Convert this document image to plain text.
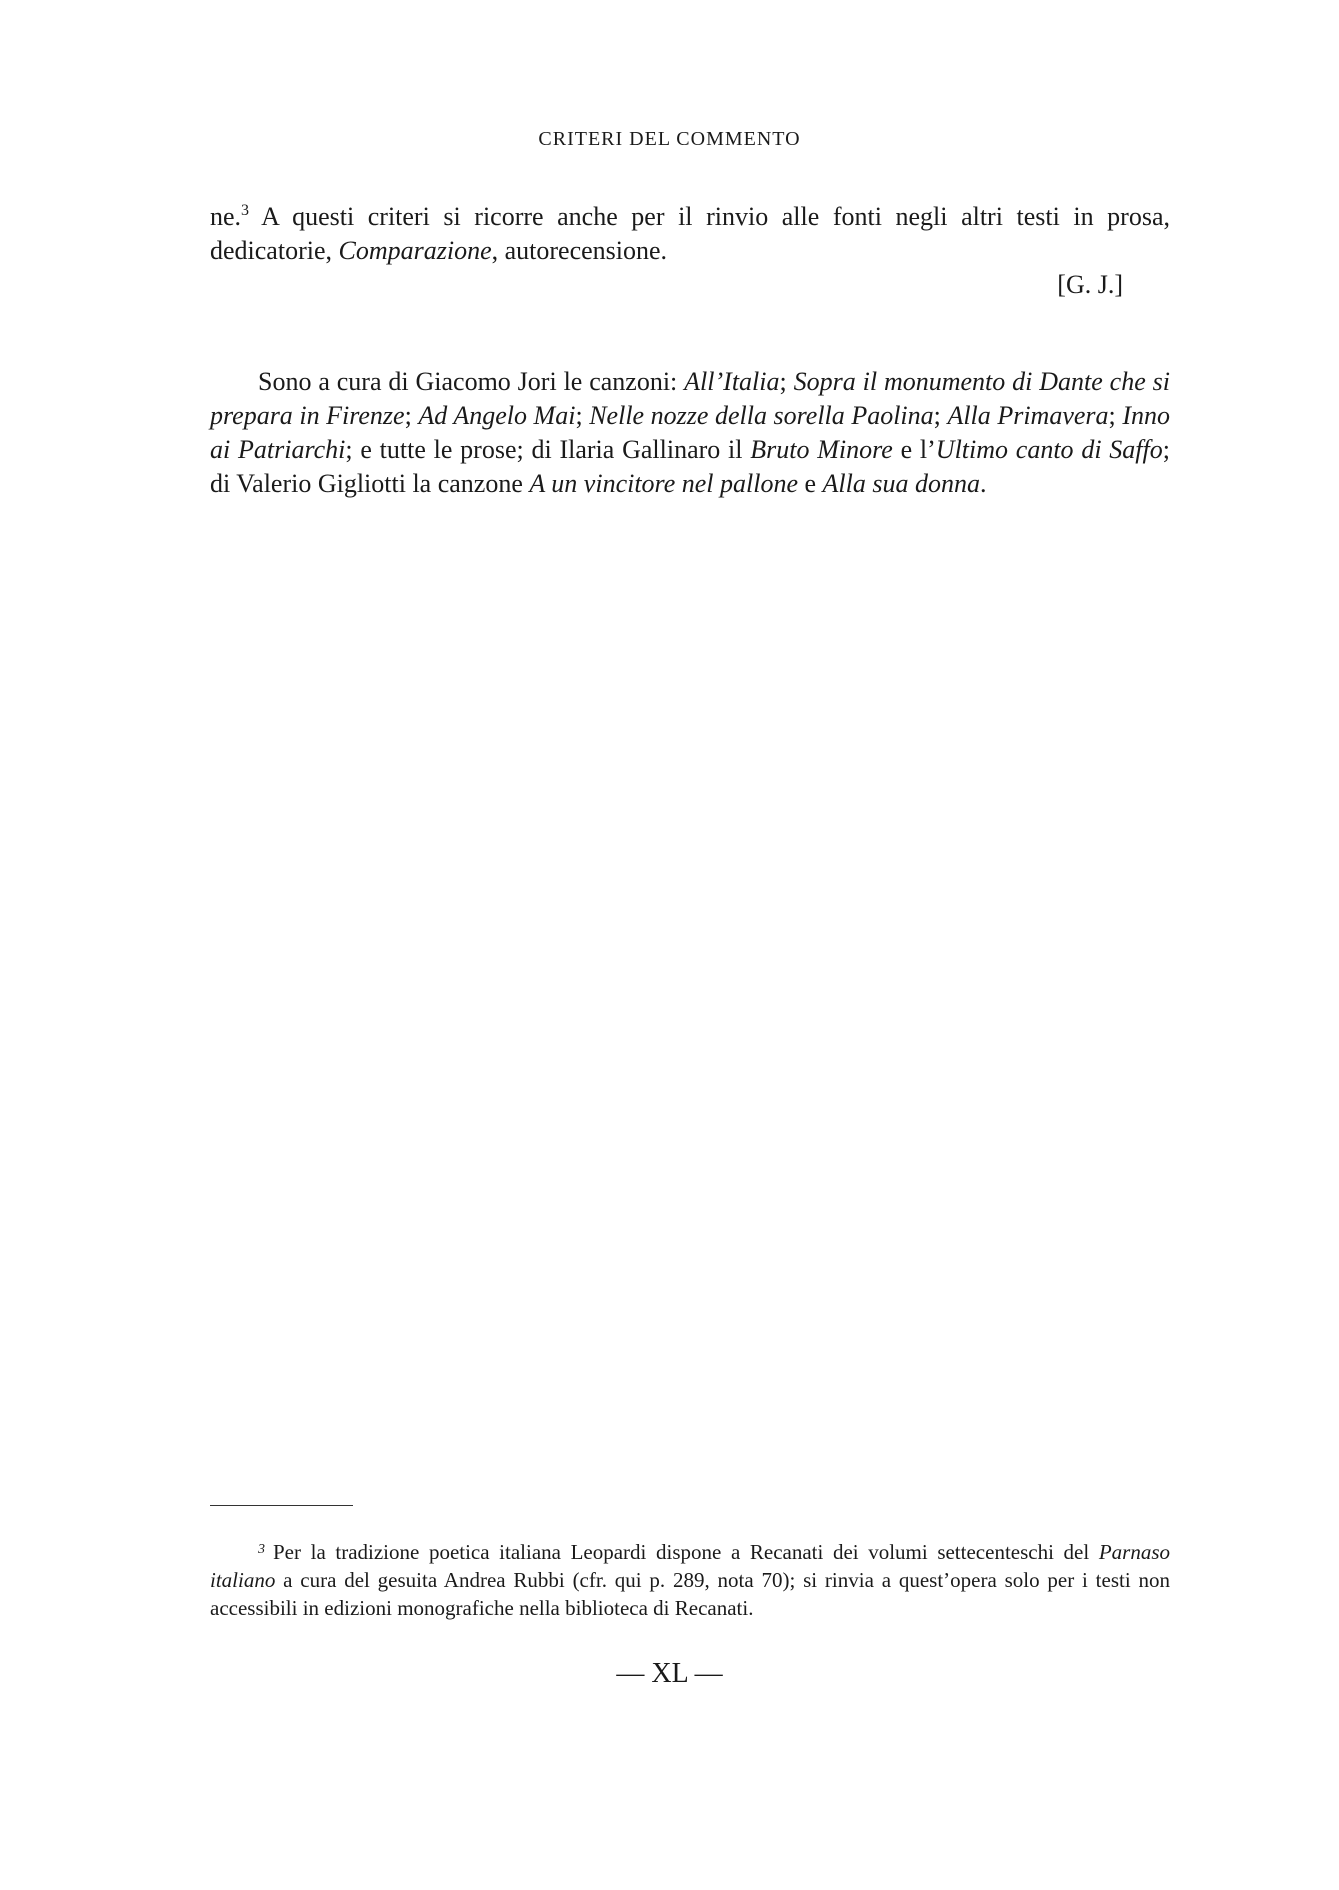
CRITERI DEL COMMENTO

ne.$^3$ A questi criteri si ricorre anche per il rinvio alle fonti negli altri testi in prosa, dedicatorie, Comparazione, autorecensione.

[G. J.]

Sono a cura di Giacomo Jori le canzoni: All’Italia; Sopra il monumento di Dante che si prepara in Firenze; Ad Angelo Mai; Nelle nozze della sorella Paolina; Alla Primavera; Inno ai Patriarchi; e tutte le prose; di Ilaria Gallinaro il Bruto Minore e l’Ultimo canto di Saffo; di Valerio Gigliotti la canzone A un vincitore nel pallone e Alla sua donna.

$^3$ Per la tradizione poetica italiana Leopardi dispone a Recanati dei volumi settecenteschi del Parnaso italiano a cura del gesuita Andrea Rubbi (cfr. qui p. 289, nota 70); si rinvia a quest’opera solo per i testi non accessibili in edizioni monografiche nella biblioteca di Recanati.

— XL —
